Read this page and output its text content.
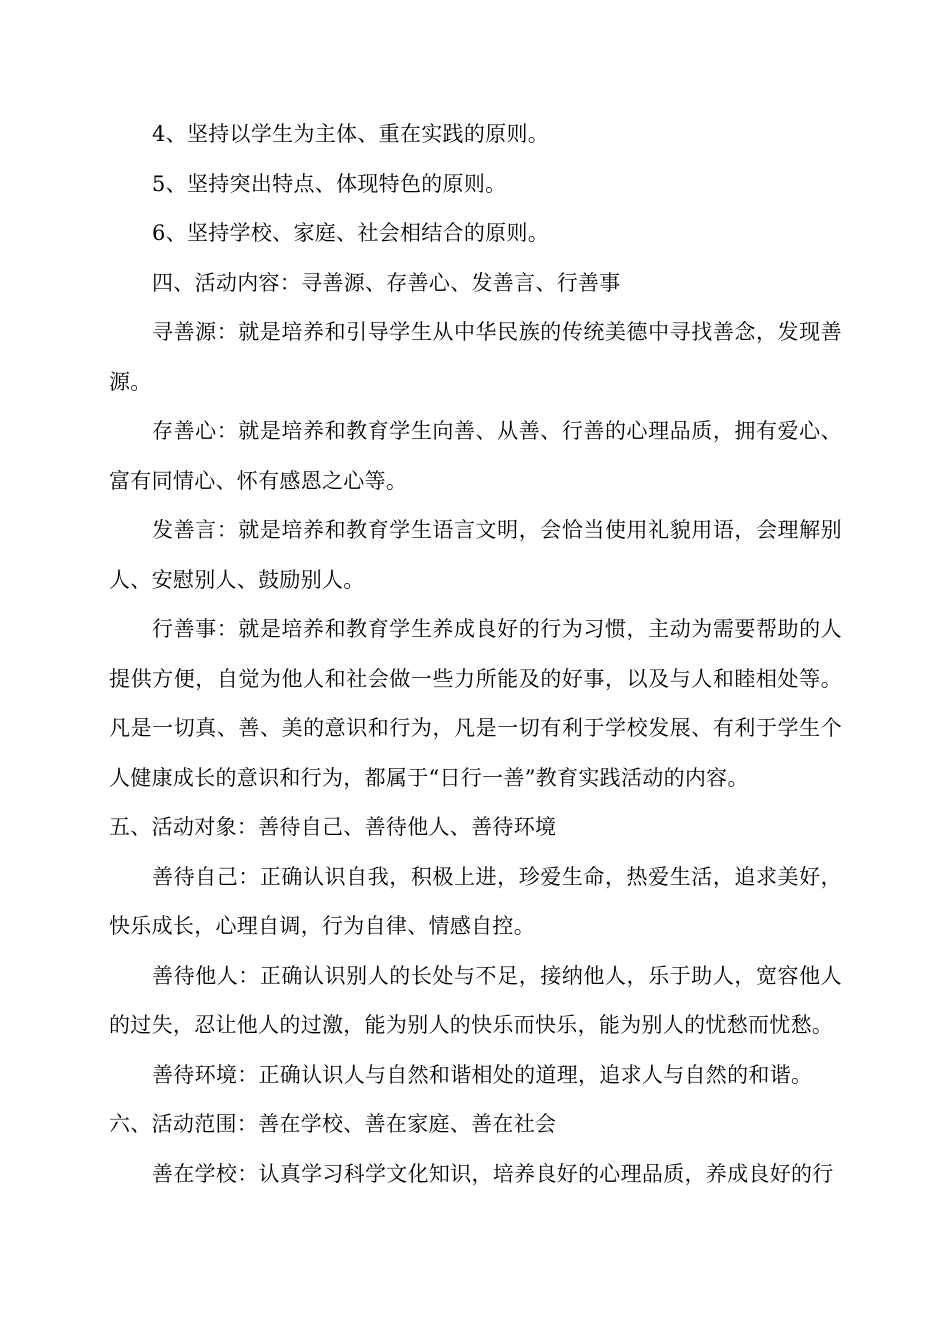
4、坚持以学生为主体、重在实践的原则。

5、坚持突出特点、体现特色的原则。

6、坚持学校、家庭、社会相结合的原则。

四、活动内容：寻善源、存善心、发善言、行善事

寻善源：就是培养和引导学生从中华民族的传统美德中寻找善念，发现善源。

存善心：就是培养和教育学生向善、从善、行善的心理品质，拥有爱心、富有同情心、怀有感恩之心等。

发善言：就是培养和教育学生语言文明，会恰当使用礼貌用语，会理解别人、安慰别人、鼓励别人。

行善事：就是培养和教育学生养成良好的行为习惯，主动为需要帮助的人提供方便，自觉为他人和社会做一些力所能及的好事，以及与人和睦相处等。凡是一切真、善、美的意识和行为，凡是一切有利于学校发展、有利于学生个人健康成长的意识和行为，都属于“日行一善”教育实践活动的内容。

五、活动对象：善待自己、善待他人、善待环境

善待自己：正确认识自我，积极上进，珍爱生命，热爱生活，追求美好，快乐成长，心理自调，行为自律、情感自控。

善待他人：正确认识别人的长处与不足，接纳他人，乐于助人，宽容他人的过失，忍让他人的过激，能为别人的快乐而快乐，能为别人的忧愁而忧愁。

善待环境：正确认识人与自然和谐相处的道理，追求人与自然的和谐。

六、活动范围：善在学校、善在家庭、善在社会

善在学校：认真学习科学文化知识，培养良好的心理品质，养成良好的行
